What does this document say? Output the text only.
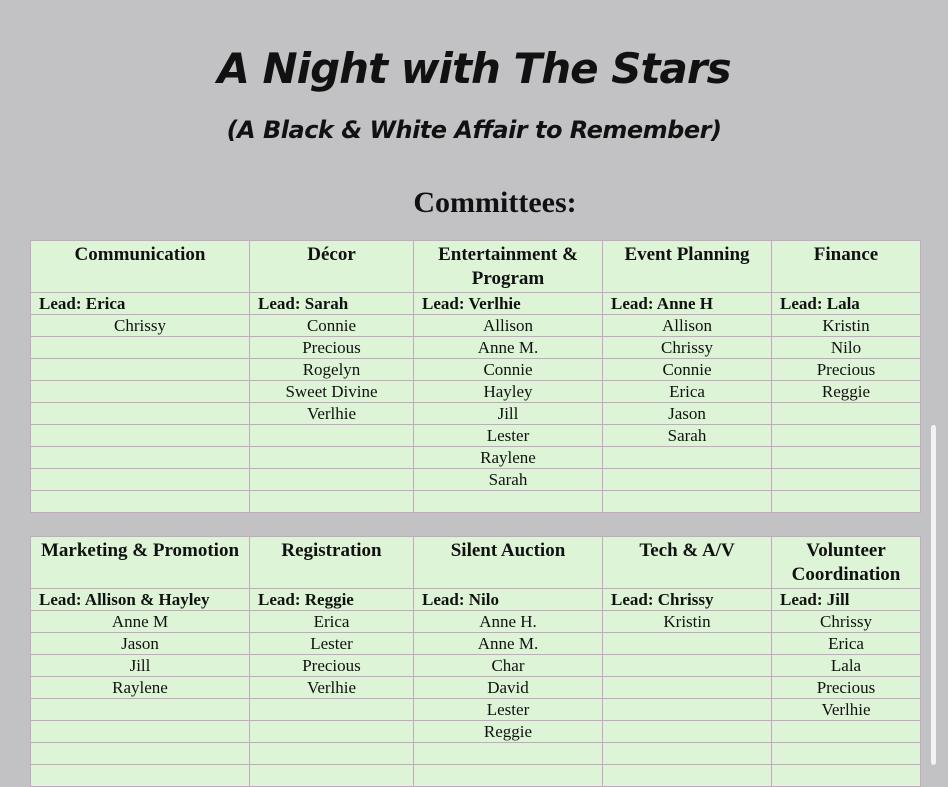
A Night with The Stars
(A Black & White Affair to Remember)
Committees:
Communication	Décor	Entertainment & Program	Event Planning	Finance
Lead: Erica	Lead: Sarah	Lead: Verlhie	Lead: Anne H	Lead: Lala
Chrissy	Connie	Allison	Allison	Kristin
	Precious	Anne M.	Chrissy	Nilo
	Rogelyn	Connie	Connie	Precious
	Sweet Divine	Hayley	Erica	Reggie
	Verlhie	Jill	Jason	
		Lester	Sarah	
		Raylene		
		Sarah		

Marketing & Promotion	Registration	Silent Auction	Tech & A/V	Volunteer Coordination
Lead: Allison & Hayley	Lead: Reggie	Lead: Nilo	Lead: Chrissy	Lead: Jill
Anne M	Erica	Anne H.	Kristin	Chrissy
Jason	Lester	Anne M.		Erica
Jill	Precious	Char		Lala
Raylene	Verlhie	David		Precious
		Lester		Verlhie
		Reggie		
